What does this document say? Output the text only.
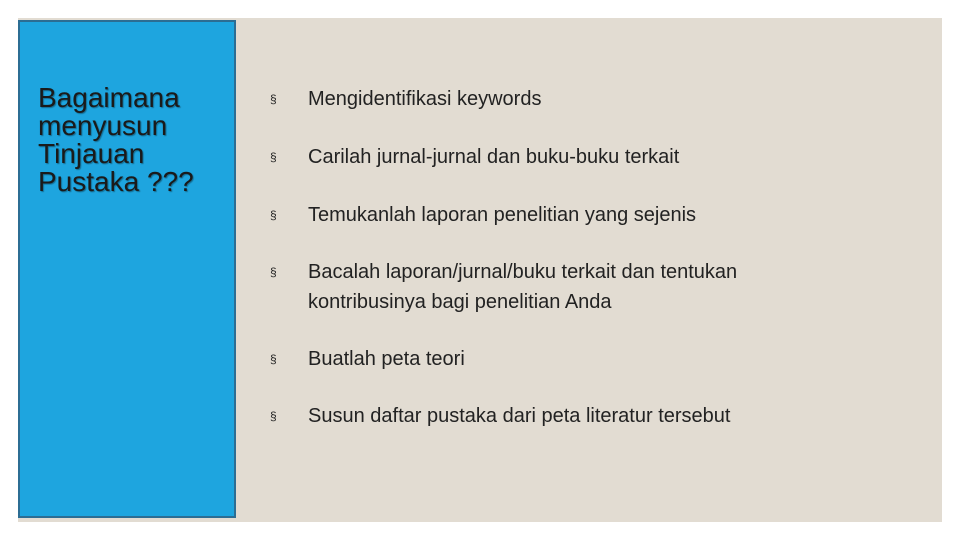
Bagaimana
menyusun
Tinjauan
Pustaka ???
§ Mengidentifikasi keywords
§ Carilah jurnal-jurnal dan buku-buku terkait
§ Temukanlah laporan penelitian yang sejenis
§ Bacalah laporan/jurnal/buku terkait dan tentukan kontribusinya bagi penelitian Anda
§ Buatlah peta teori
§ Susun daftar pustaka dari peta literatur tersebut
